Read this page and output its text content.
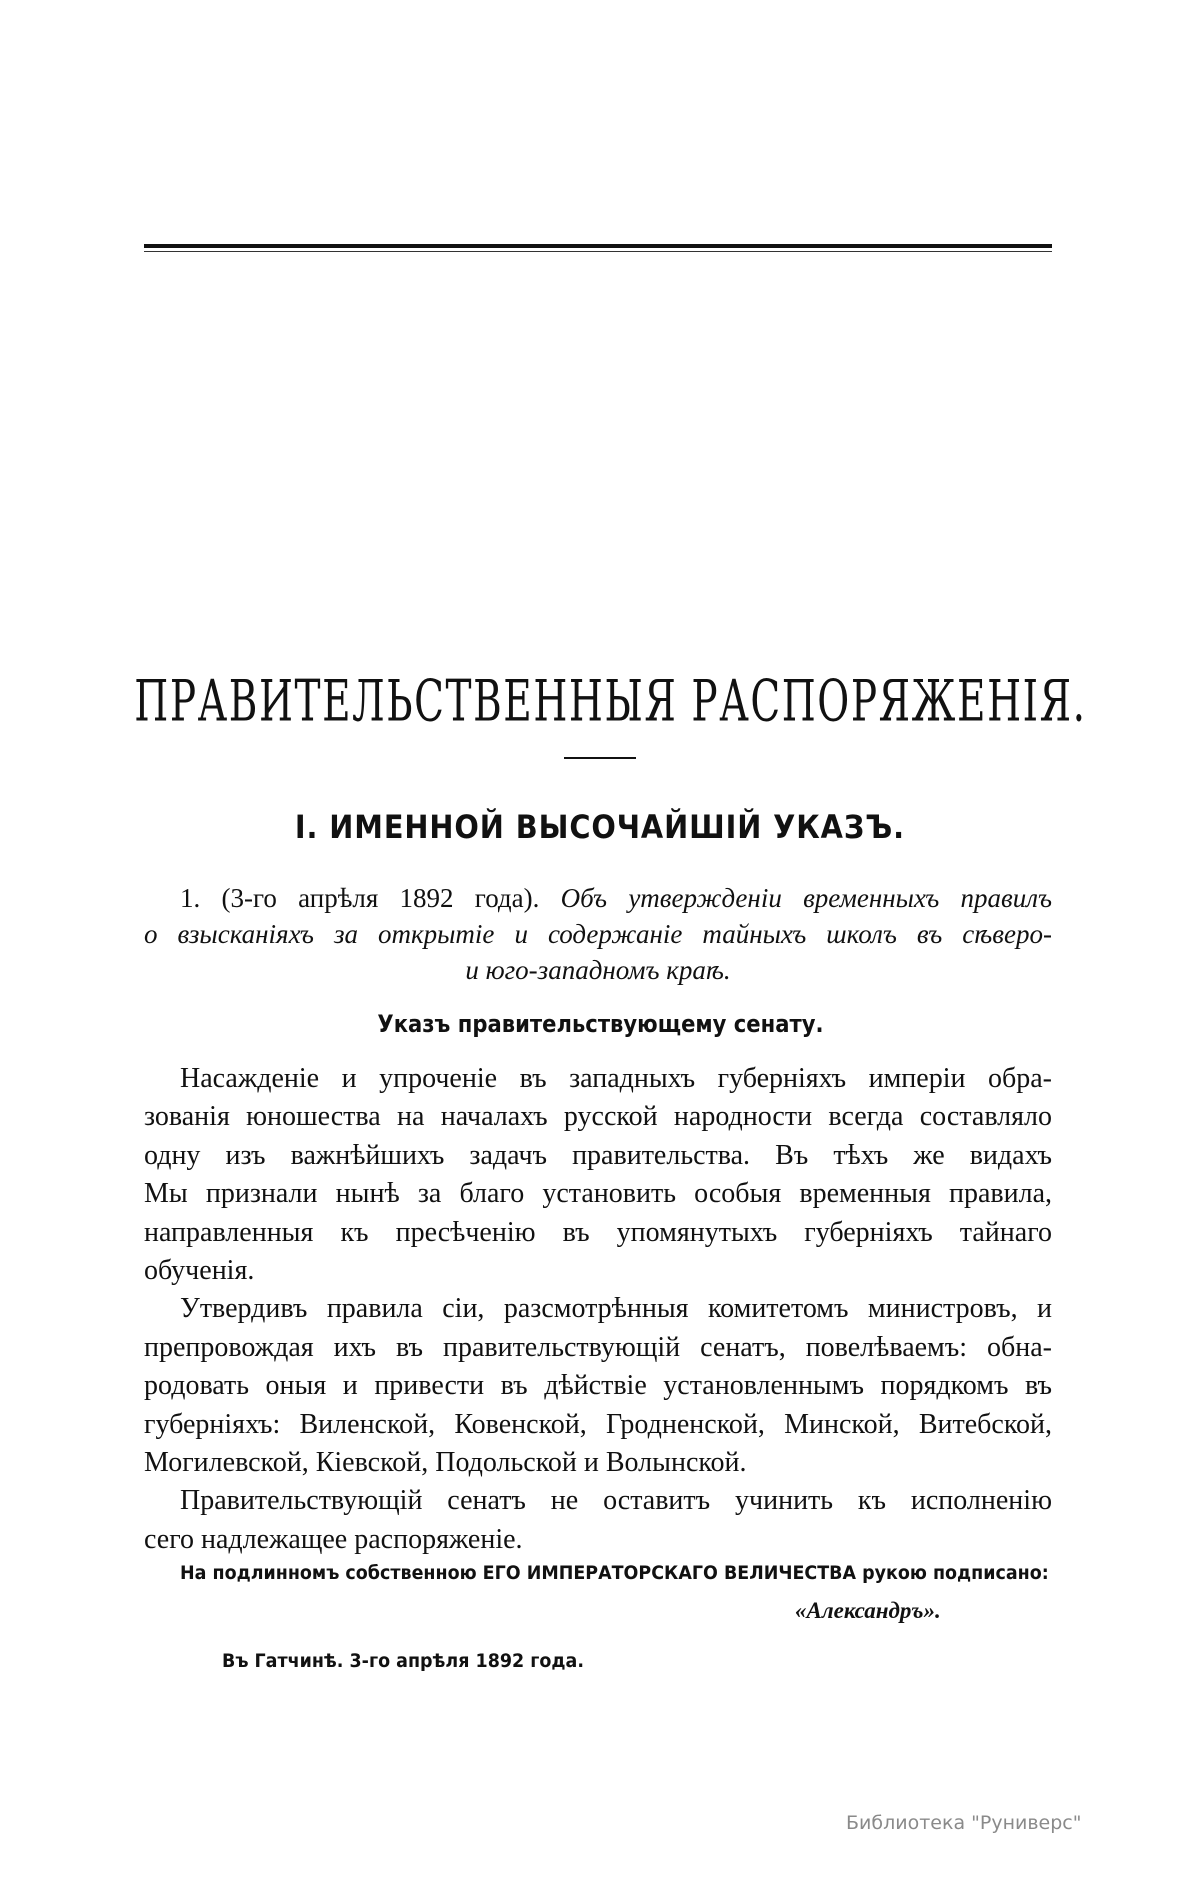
ПРАВИТЕЛЬСТВЕННЫЯ РАСПОРЯЖЕНІЯ.
I. ИМЕННОЙ ВЫСОЧАЙШІЙ УКАЗЪ.
1. (3-го апрѣля 1892 года). Объ утвержденіи временныхъ правилъ
о взысканіяхъ за открытіе и содержаніе тайныхъ школъ въ сѣверо-
и юго-западномъ краѣ.
Указъ правительствующему сенату.
Насажденіе и упроченіе въ западныхъ губерніяхъ имперіи обра-
зованія юношества на началахъ русской народности всегда составляло
одну изъ важнѣйшихъ задачъ правительства. Въ тѣхъ же видахъ
Мы признали нынѣ за благо установить особыя временныя правила,
направленныя къ пресѣченію въ упомянутыхъ губерніяхъ тайнаго
обученія.
Утвердивъ правила сіи, разсмотрѣнныя комитетомъ министровъ, и
препровождая ихъ въ правительствующій сенатъ, повелѣваемъ: обна-
родовать оныя и привести въ дѣйствіе установленнымъ порядкомъ въ
губерніяхъ: Виленской, Ковенской, Гродненской, Минской, Витебской,
Могилевской, Кіевской, Подольской и Волынской.
Правительствующій сенатъ не оставитъ учинить къ исполненію
сего надлежащее распоряженіе.
На подлинномъ собственною ЕГО ИМПЕРАТОРСКАГО ВЕЛИЧЕСТВА рукою подписано:
«Александръ».
Въ Гатчинѣ. 3-го апрѣля 1892 года.
Библиотека "Руниверс"
